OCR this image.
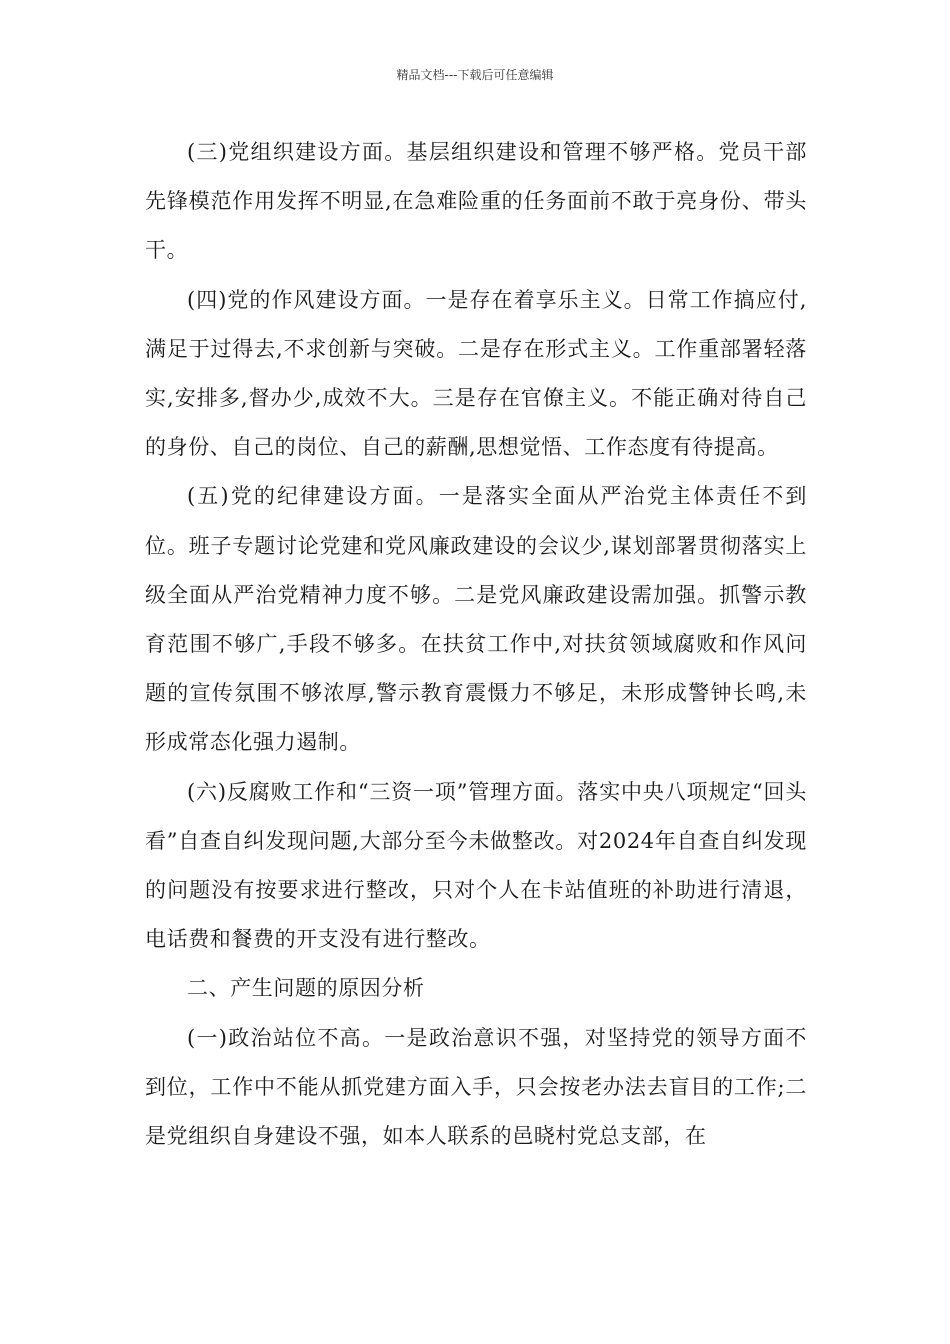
精品文档---下载后可任意编辑

(三)党组织建设方面。基层组织建设和管理不够严格。党员干部先锋模范作用发挥不明显,在急难险重的任务面前不敢于亮身份、带头干。

(四)党的作风建设方面。一是存在着享乐主义。日常工作搞应付,满足于过得去,不求创新与突破。二是存在形式主义。工作重部署轻落实,安排多,督办少,成效不大。三是存在官僚主义。不能正确对待自己的身份、自己的岗位、自己的薪酬,思想觉悟、工作态度有待提高。

(五)党的纪律建设方面。一是落实全面从严治党主体责任不到位。班子专题讨论党建和党风廉政建设的会议少,谋划部署贯彻落实上级全面从严治党精神力度不够。二是党风廉政建设需加强。抓警示教育范围不够广,手段不够多。在扶贫工作中,对扶贫领域腐败和作风问题的宣传氛围不够浓厚,警示教育震慑力不够足，未形成警钟长鸣,未形成常态化强力遏制。

(六)反腐败工作和“三资一项”管理方面。落实中央八项规定“回头看”自查自纠发现问题,大部分至今未做整改。对2024年自查自纠发现的问题没有按要求进行整改，只对个人在卡站值班的补助进行清退，电话费和餐费的开支没有进行整改。

二、产生问题的原因分析

(一)政治站位不高。一是政治意识不强，对坚持党的领导方面不到位，工作中不能从抓党建方面入手，只会按老办法去盲目的工作;二是党组织自身建设不强，如本人联系的邑晓村党总支部，在
